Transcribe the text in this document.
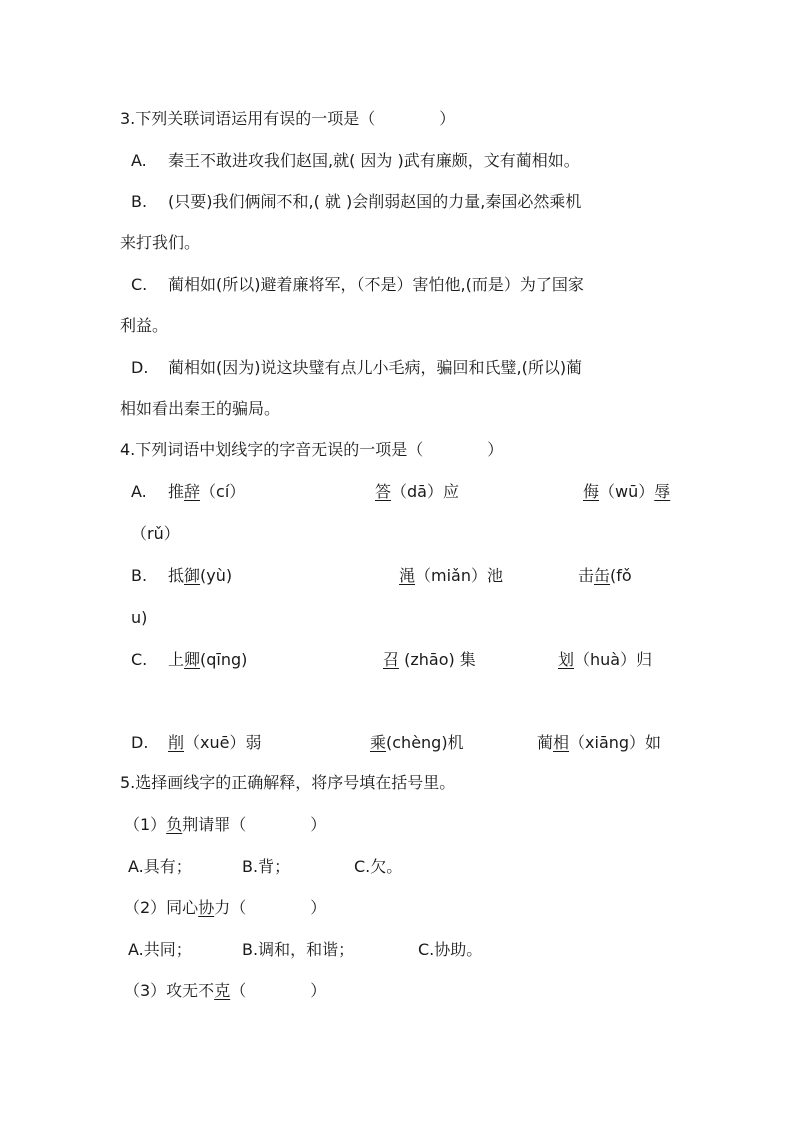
3.下列关联词语运用有误的一项是（　　　　）
A. 秦王不敢进攻我们赵国,就( 因为 )武有廉颇，文有蔺相如。
B. (只要)我们俩闹不和,( 就 )会削弱赵国的力量,秦国必然乘机
来打我们。
C. 蔺相如(所以)避着廉将军，（不是）害怕他,(而是）为了国家
利益。
D. 蔺相如(因为)说这块璧有点儿小毛病，骗回和氏璧,(所以)蔺
相如看出秦王的骗局。
4.下列词语中划线字的字音无误的一项是（　　　　）
A. 推辞（cí）	答（dā）应	侮（wū）辱
（rǔ）
B. 抵御(yù)	渑（miǎn）池	击缶(fǒ
u)
C. 上卿(qīng)	召 (zhāo) 集	划（huà）归
D. 削（xuē）弱	乘(chèng)机	蔺相（xiāng）如
5.选择画线字的正确解释，将序号填在括号里。
（1）负荆请罪（　　　　）
A.具有；	B.背；	C.欠。
（2）同心协力（　　　　）
A.共同；	B.调和，和谐；	C.协助。
（3）攻无不克（　　　　）
